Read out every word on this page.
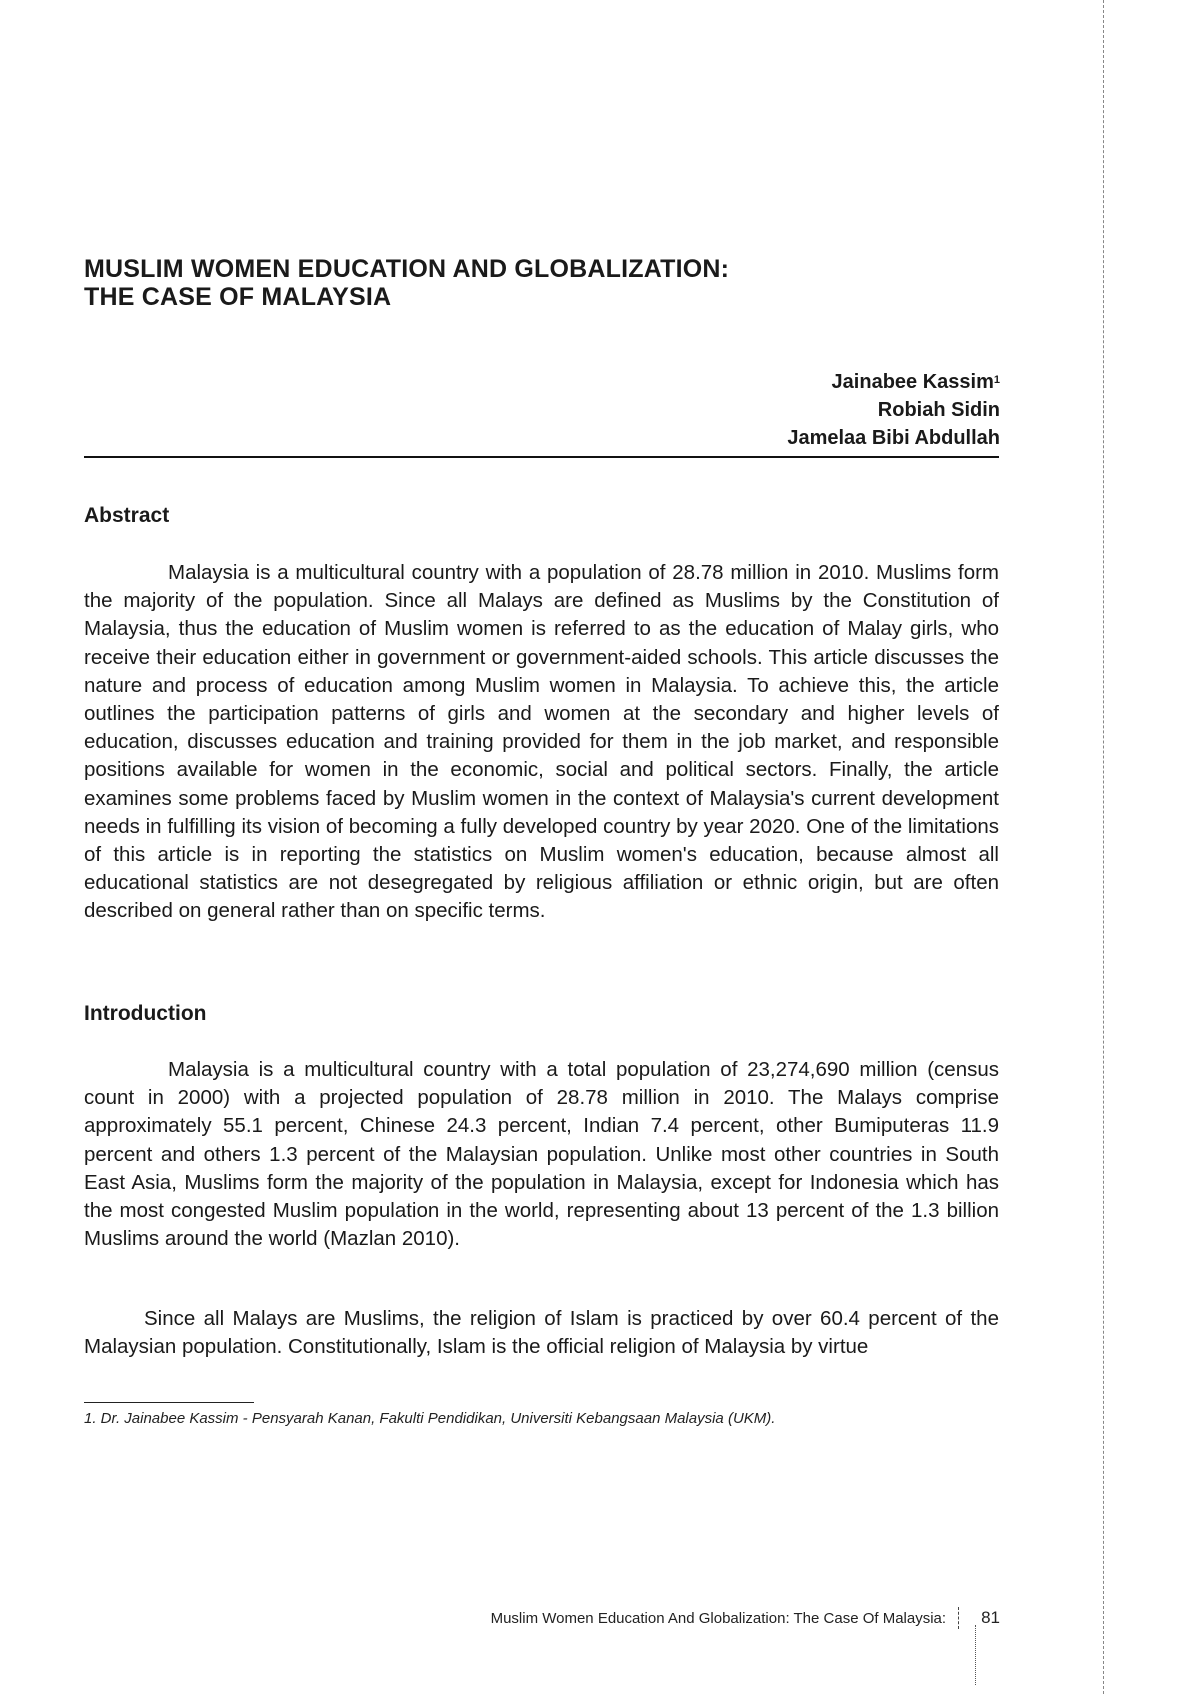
MUSLIM WOMEN EDUCATION AND GLOBALIZATION:
THE CASE OF MALAYSIA
Jainabee Kassim$^1$
Robiah Sidin
Jamelaa Bibi Abdullah
Abstract
Malaysia is a multicultural country with a population of 28.78 million in 2010. Muslims form the majority of the population. Since all Malays are defined as Muslims by the Constitution of Malaysia, thus the education of Muslim women is referred to as the education of Malay girls, who receive their education either in government or government-aided schools. This article discusses the nature and process of education among Muslim women in Malaysia. To achieve this, the article outlines the participation patterns of girls and women at the secondary and higher levels of education, discusses education and training provided for them in the job market, and responsible positions available for women in the economic, social and political sectors. Finally, the article examines some problems faced by Muslim women in the context of Malaysia's current development needs in fulfilling its vision of becoming a fully developed country by year 2020. One of the limitations of this article is in reporting the statistics on Muslim women's education, because almost all educational statistics are not desegregated by religious affiliation or ethnic origin, but are often described on general rather than on specific terms.
Introduction
Malaysia is a multicultural country with a total population of 23,274,690 million (census count in 2000) with a projected population of 28.78 million in 2010. The Malays comprise approximately 55.1 percent, Chinese 24.3 percent, Indian 7.4 percent, other Bumiputeras 11.9 percent and others 1.3 percent of the Malaysian population. Unlike most other countries in South East Asia, Muslims form the majority of the population in Malaysia, except for Indonesia which has the most congested Muslim population in the world, representing about 13 percent of the 1.3 billion Muslims around the world (Mazlan 2010).
Since all Malays are Muslims, the religion of Islam is practiced by over 60.4 percent of the Malaysian population. Constitutionally, Islam is the official religion of Malaysia by virtue
1. Dr. Jainabee Kassim - Pensyarah Kanan, Fakulti Pendidikan, Universiti Kebangsaan Malaysia (UKM).
Muslim Women Education And Globalization: The Case Of Malaysia: 81
